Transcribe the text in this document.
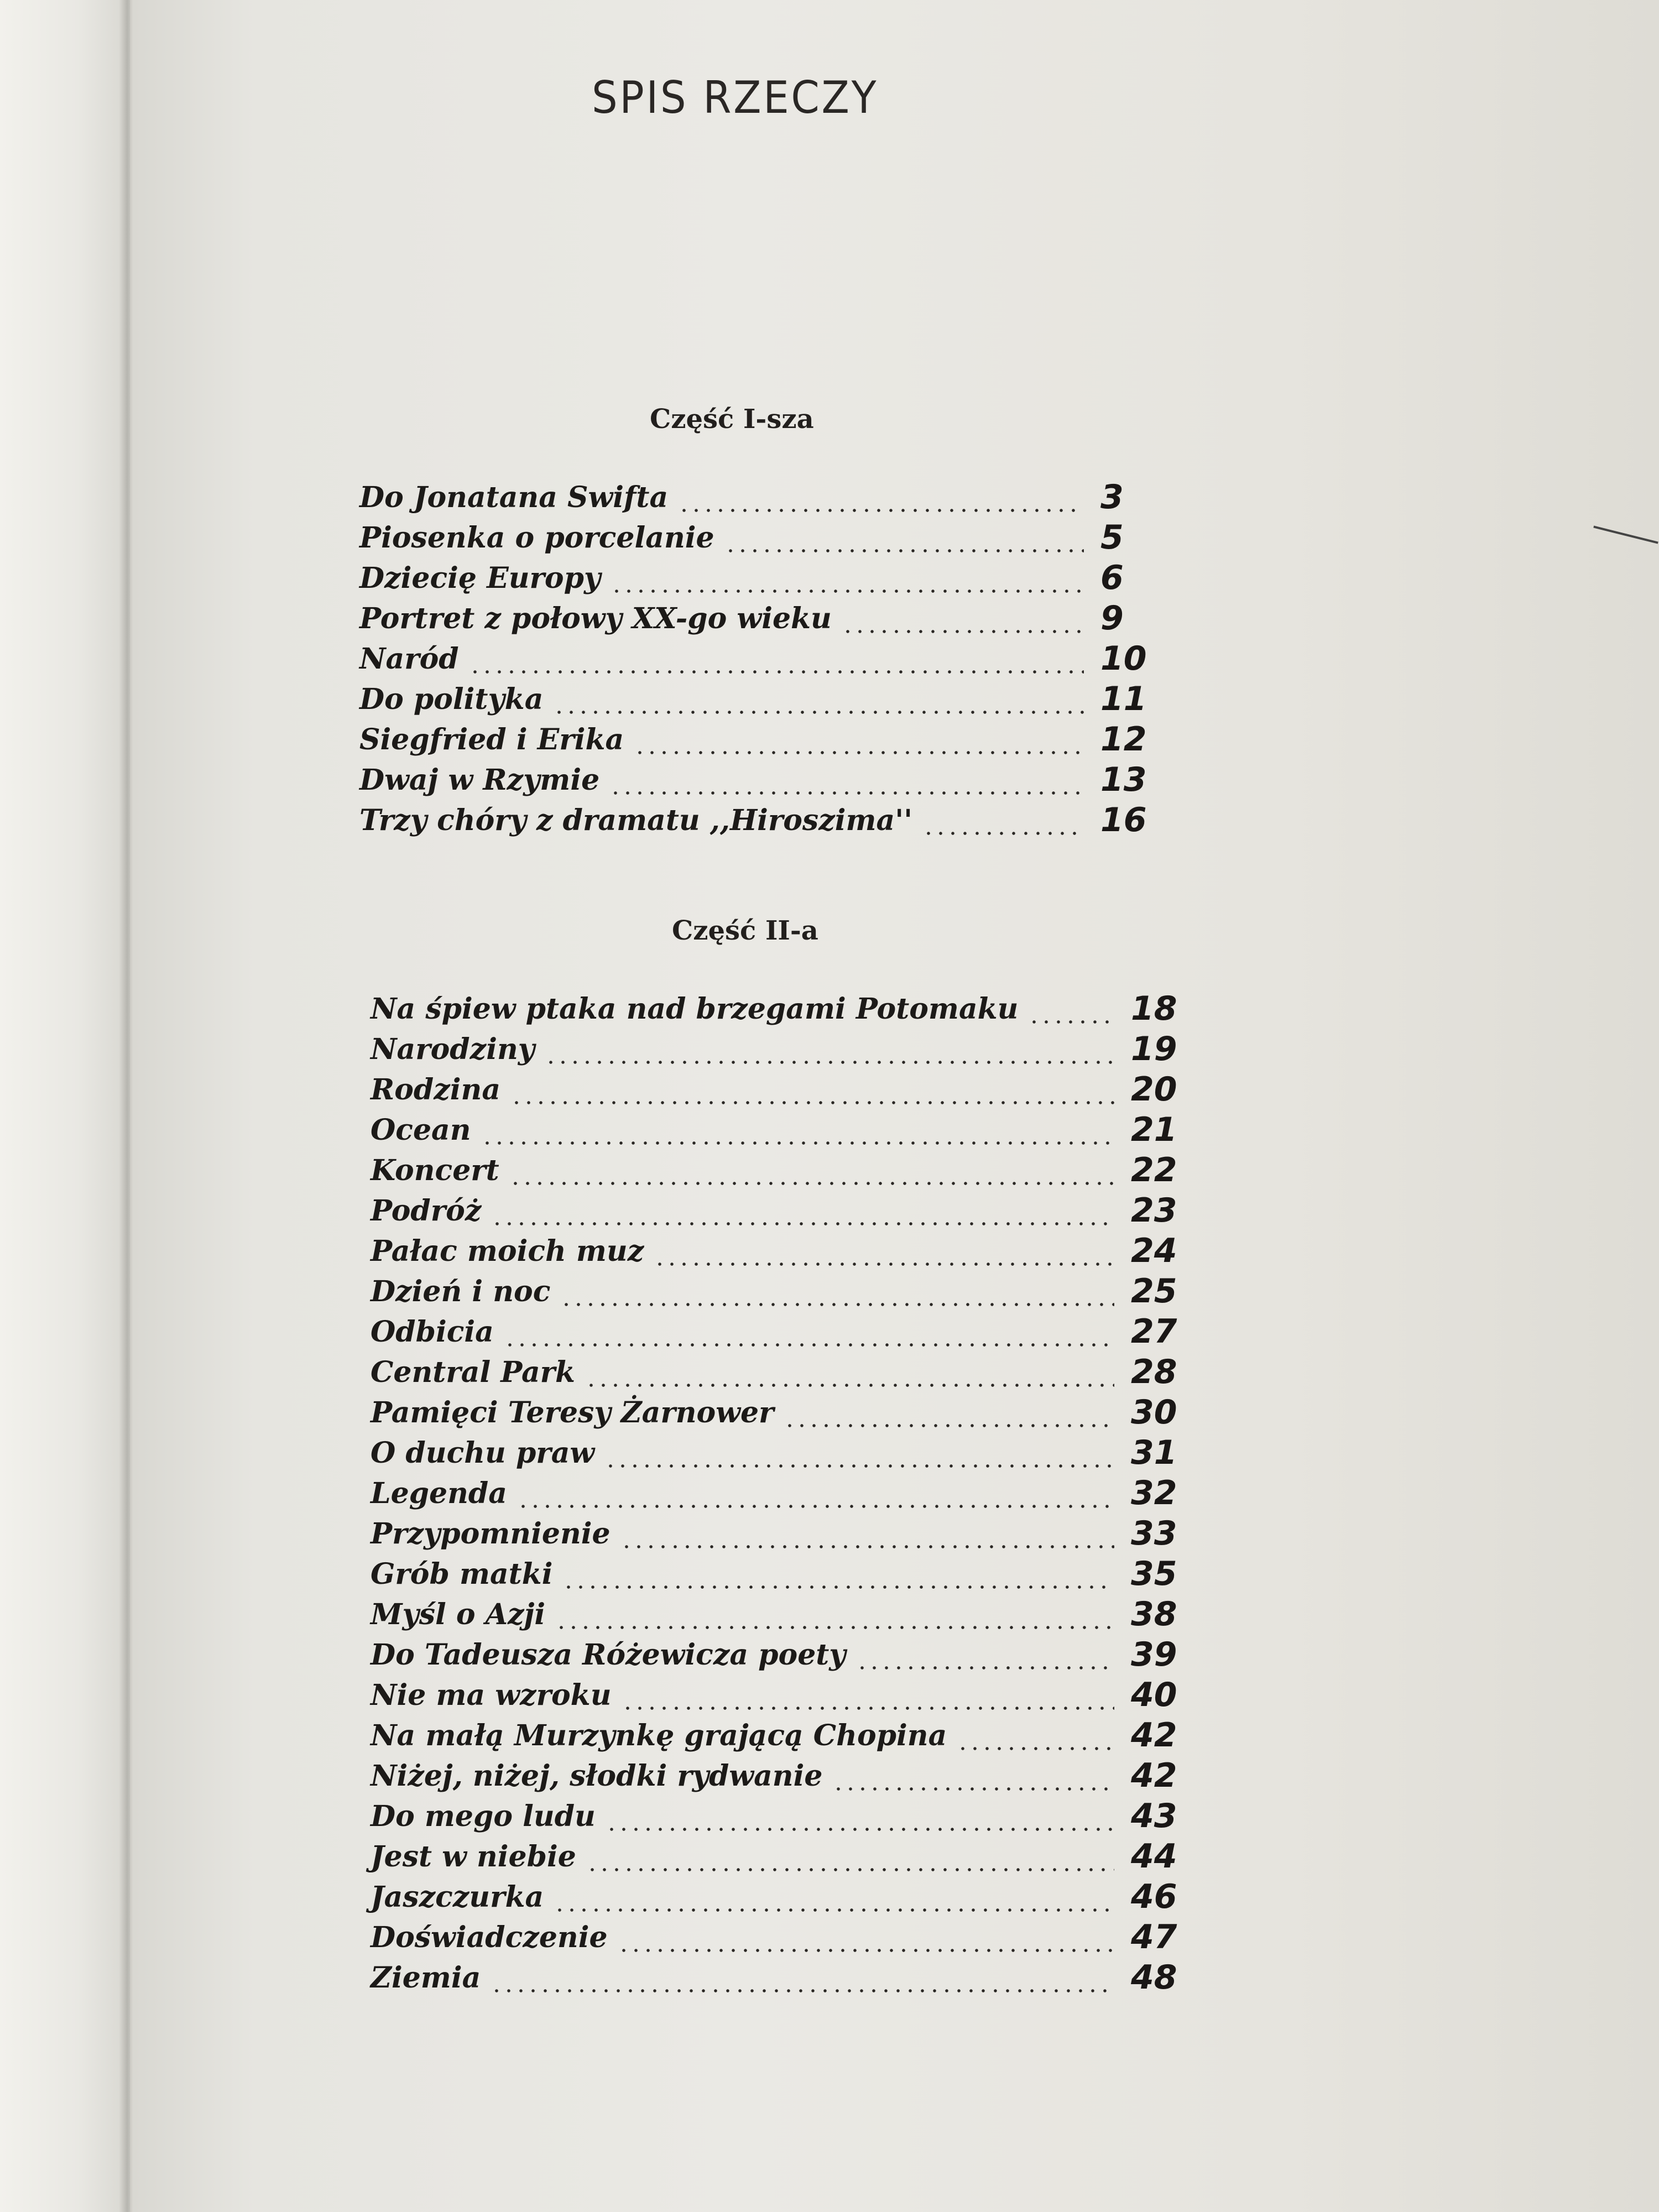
SPIS RZECZY
Część I-sza
Do Jonatana Swifta	3
Piosenka o porcelanie	5
Dziecię Europy	6
Portret z połowy XX-go wieku	9
Naród	10
Do polityka	11
Siegfried i Erika	12
Dwaj w Rzymie	13
Trzy chóry z dramatu ,,Hiroszima''	16
Część II-a
Na śpiew ptaka nad brzegami Potomaku	18
Narodziny	19
Rodzina	20
Ocean	21
Koncert	22
Podróż	23
Pałac moich muz	24
Dzień i noc	25
Odbicia	27
Central Park	28
Pamięci Teresy Żarnower	30
O duchu praw	31
Legenda	32
Przypomnienie	33
Grób matki	35
Myśl o Azji	38
Do Tadeusza Różewicza poety	39
Nie ma wzroku	40
Na małą Murzynkę grającą Chopina	42
Niżej, niżej, słodki rydwanie	42
Do mego ludu	43
Jest w niebie	44
Jaszczurka	46
Doświadczenie	47
Ziemia	48
